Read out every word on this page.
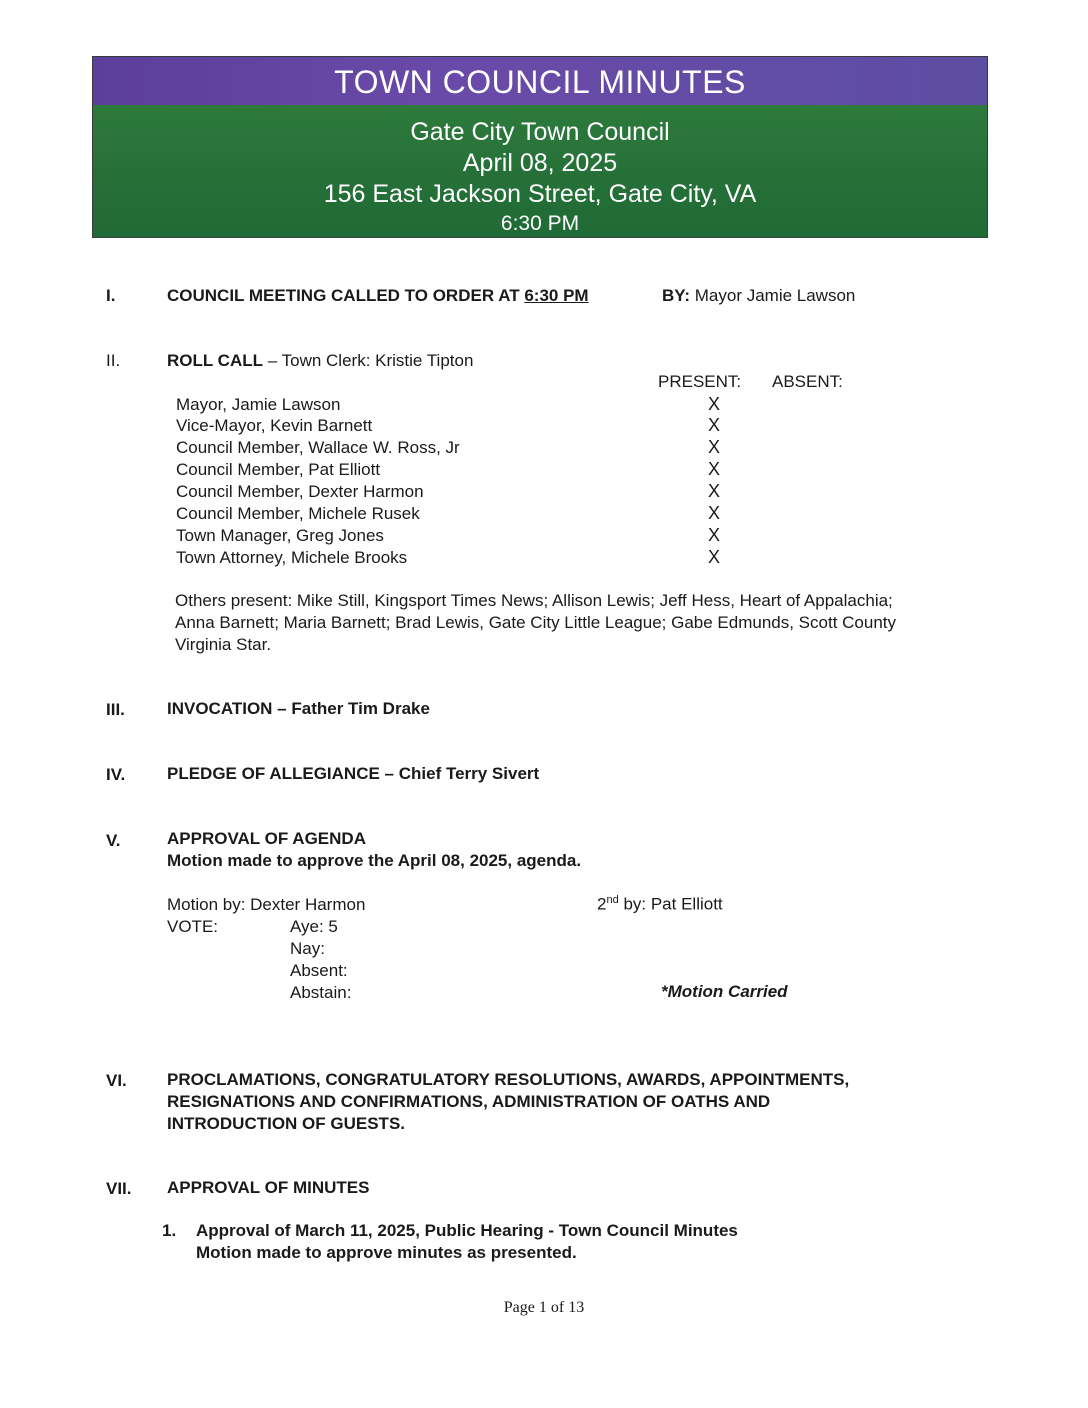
TOWN COUNCIL MINUTES
Gate City Town Council
April 08, 2025
156 East Jackson Street, Gate City, VA
6:30 PM
I.	COUNCIL MEETING CALLED TO ORDER AT 6:30 PM	BY: Mayor Jamie Lawson
II.	ROLL CALL – Town Clerk: Kristie Tipton
PRESENT: ABSENT:
Mayor, Jamie Lawson	X
Vice-Mayor, Kevin Barnett	X
Council Member, Wallace W. Ross, Jr	X
Council Member, Pat Elliott	X
Council Member, Dexter Harmon	X
Council Member, Michele Rusek	X
Town Manager, Greg Jones	X
Town Attorney, Michele Brooks	X
Others present: Mike Still, Kingsport Times News; Allison Lewis; Jeff Hess, Heart of Appalachia;
Anna Barnett; Maria Barnett; Brad Lewis, Gate City Little League; Gabe Edmunds, Scott County
Virginia Star.
III. INVOCATION – Father Tim Drake
IV. PLEDGE OF ALLEGIANCE – Chief Terry Sivert
V.	APPROVAL OF AGENDA
Motion made to approve the April 08, 2025, agenda.
Motion by: Dexter Harmon	2nd by: Pat Elliott
VOTE:	Aye: 5
Nay:
Absent:
Abstain:	*Motion Carried
VI. PROCLAMATIONS, CONGRATULATORY RESOLUTIONS, AWARDS, APPOINTMENTS,
RESIGNATIONS AND CONFIRMATIONS, ADMINISTRATION OF OATHS AND
INTRODUCTION OF GUESTS.
VII. APPROVAL OF MINUTES
1. Approval of March 11, 2025, Public Hearing - Town Council Minutes
Motion made to approve minutes as presented.
Page 1 of 13
